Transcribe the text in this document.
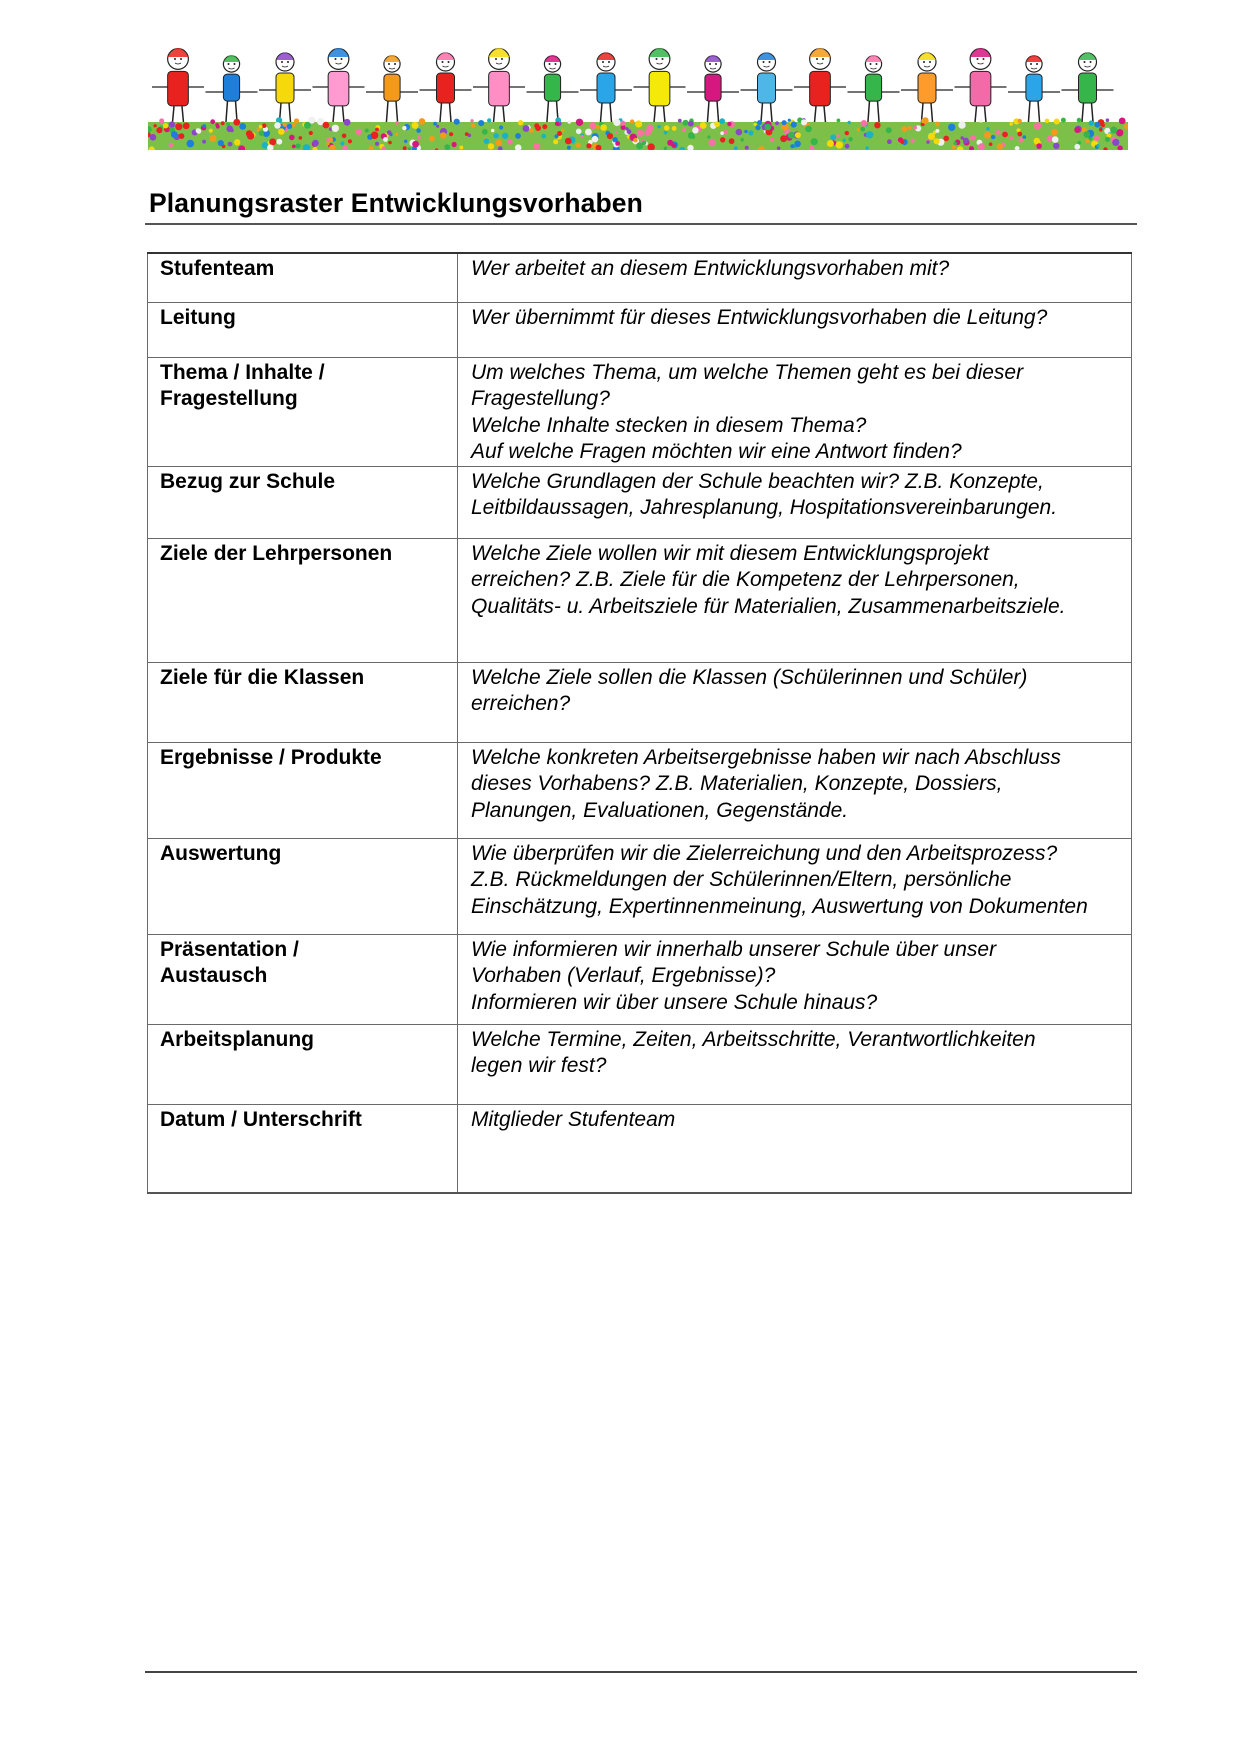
Planungsraster Entwicklungsvorhaben
Stufenteam	Wer arbeitet an diesem Entwicklungsvorhaben mit?

Leitung	Wer übernimmt für dieses Entwicklungsvorhaben die Leitung?

Thema / Inhalte /
Fragestellung	Um welches Thema, um welche Themen geht es bei dieser
Fragestellung?
Welche Inhalte stecken in diesem Thema?
Auf welche Fragen möchten wir eine Antwort finden?

Bezug zur Schule	Welche Grundlagen der Schule beachten wir? Z.B. Konzepte,
Leitbildaussagen, Jahresplanung, Hospitationsvereinbarungen.

Ziele der Lehrpersonen	Welche Ziele wollen wir mit diesem Entwicklungsprojekt
erreichen? Z.B. Ziele für die Kompetenz der Lehrpersonen,
Qualitäts- u. Arbeitsziele für Materialien, Zusammenarbeitsziele.

Ziele für die Klassen	Welche Ziele sollen die Klassen (Schülerinnen und Schüler)
erreichen?

Ergebnisse / Produkte	Welche konkreten Arbeitsergebnisse haben wir nach Abschluss
dieses Vorhabens? Z.B. Materialien, Konzepte, Dossiers,
Planungen, Evaluationen, Gegenstände.

Auswertung	Wie überprüfen wir die Zielerreichung und den Arbeitsprozess?
Z.B. Rückmeldungen der Schülerinnen/Eltern, persönliche
Einschätzung, Expertinnenmeinung, Auswertung von Dokumenten

Präsentation /
Austausch	Wie informieren wir innerhalb unserer Schule über unser
Vorhaben (Verlauf, Ergebnisse)?
Informieren wir über unsere Schule hinaus?

Arbeitsplanung	Welche Termine, Zeiten, Arbeitsschritte, Verantwortlichkeiten
legen wir fest?

Datum / Unterschrift	Mitglieder Stufenteam
